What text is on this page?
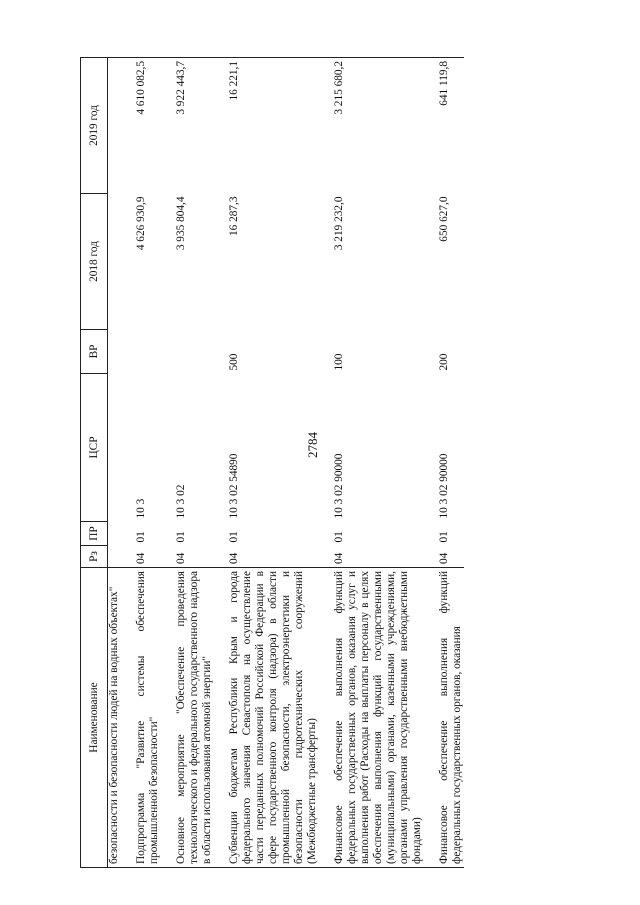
2784
Наименование	Рз	ПР	ЦСР	ВР	2018 год	2019 год
безопасности и безопасности людей на водных объектах"						
Подпрограмма "Развитие системы обеспечения промышленной безопасности"	04	01	10 3		4 626 930,9	4 610 082,5
Основное мероприятие "Обеспечение проведения технологического и федерального государственного надзора в области использования атомной энергии"	04	01	10 3 02		3 935 804,4	3 922 443,7
Субвенции бюджетам Республики Крым и города федерального значения Севастополя на осуществление части переданных полномочий Российской Федерации в сфере государственного контроля (надзора) в области промышленной безопасности, электроэнергетики и безопасности гидротехнических сооружений (Межбюджетные трансферты)	04	01	10 3 02 54890	500	16 287,3	16 221,1
Финансовое обеспечение выполнения функций федеральных государственных органов, оказания услуг и выполнения работ (Расходы на выплаты персоналу в целях обеспечения выполнения функций государственными (муниципальными) органами, казенными учреждениями, органами управления государственными внебюджетными фондами)	04	01	10 3 02 90000	100	3 219 232,0	3 215 680,2
Финансовое обеспечение выполнения функций федеральных государственных органов, оказания	04	01	10 3 02 90000	200	650 627,0	641 119,8
